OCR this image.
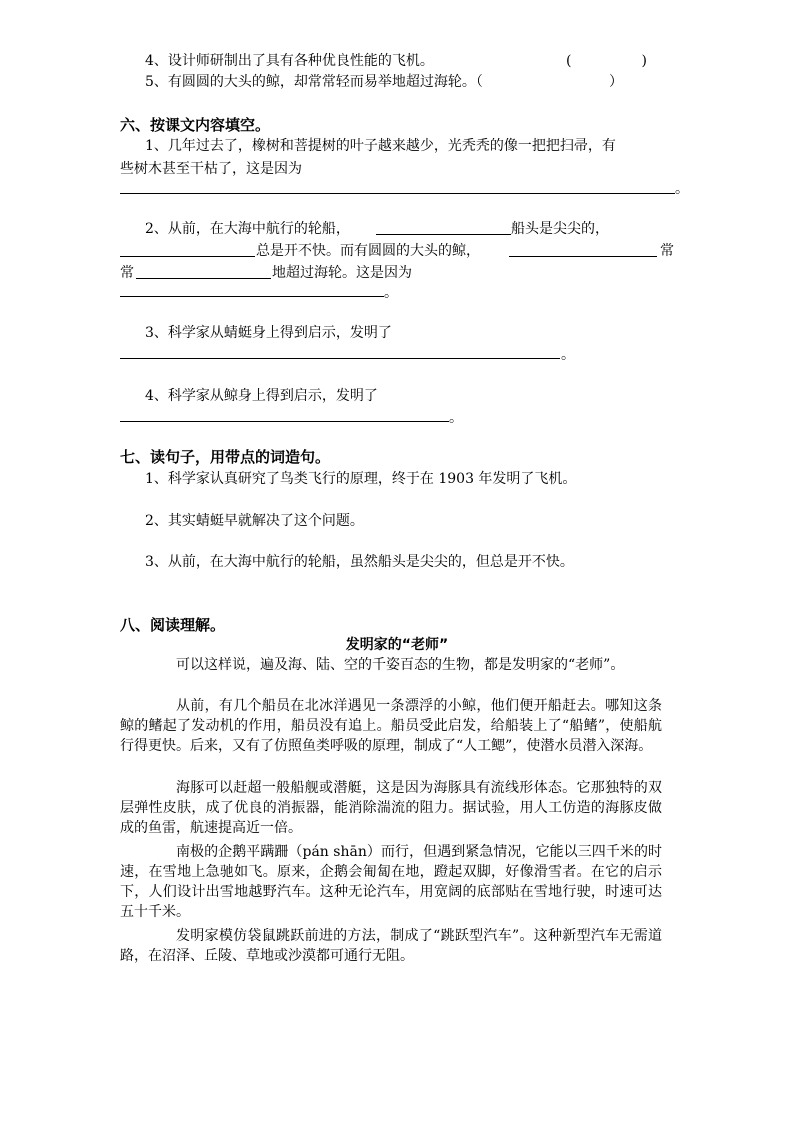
4、设计师研制出了具有各种优良性能的飞机。	(　　　　　)
5、有圆圆的大头的鲸，却常常轻而易举地超过海轮。（	）
六、按课文内容填空。
1、几年过去了，橡树和菩提树的叶子越来越少，光秃秃的像一把把扫帚，有
些树木甚至干枯了，这是因为
。
2、从前，在大海中航行的轮船，	船头是尖尖的，
总是开不快。而有圆圆的大头的鲸，	常
常	地超过海轮。这是因为
。
3、科学家从蜻蜓身上得到启示，发明了
。
4、科学家从鲸身上得到启示，发明了
。
七、读句子，用带点的词造句。
1、科学家认真研究了鸟类飞行的原理，终于在 1903 年发明了飞机。
2、其实蜻蜓早就解决了这个问题。
3、从前，在大海中航行的轮船，虽然船头是尖尖的，但总是开不快。
八、阅读理解。
发明家的“老师”
可以这样说，遍及海、陆、空的千姿百态的生物，都是发明家的“老师”。
从前，有几个船员在北冰洋遇见一条漂浮的小鲸，他们便开船赶去。哪知这条鲸的鳍起了发动机的作用，船员没有追上。船员受此启发，给船装上了“船鳍”，使船航行得更快。后来，又有了仿照鱼类呼吸的原理，制成了“人工鳃”，使潜水员潜入深海。
海豚可以赶超一般船舰或潜艇，这是因为海豚具有流线形体态。它那独特的双层弹性皮肤，成了优良的消振器，能消除湍流的阻力。据试验，用人工仿造的海豚皮做成的鱼雷，航速提高近一倍。
南极的企鹅平蹒跚（pán shān）而行，但遇到紧急情况，它能以三四千米的时速，在雪地上急驰如飞。原来，企鹅会匍匐在地，蹬起双脚，好像滑雪者。在它的启示下，人们设计出雪地越野汽车。这种无论汽车，用宽阔的底部贴在雪地行驶，时速可达五十千米。
发明家模仿袋鼠跳跃前进的方法，制成了“跳跃型汽车”。这种新型汽车无需道路，在沼泽、丘陵、草地或沙漠都可通行无阻。
